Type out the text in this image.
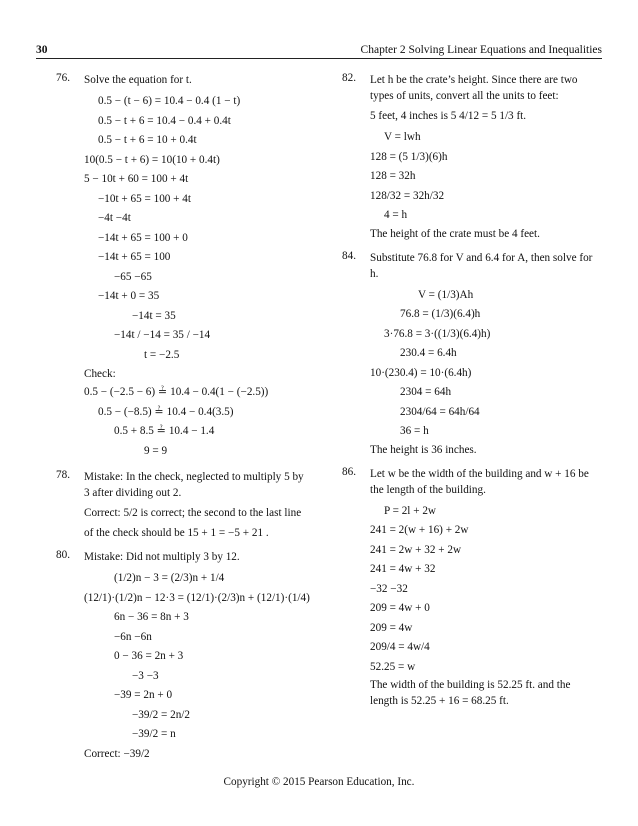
30	Chapter 2 Solving Linear Equations and Inequalities
76. Solve the equation for t.
0.5 − (t − 6) = 10.4 − 0.4 (1 − t)
0.5 − t + 6 = 10.4 − 0.4 + 0.4t
0.5 − t + 6 = 10 + 0.4t
10(0.5 − t + 6) = 10(10 + 0.4t)
5 − 10t + 60 = 100 + 4t
−10t + 65 = 100 + 4t
−4t −4t
−14t + 65 = 100 + 0
−14t + 65 = 100
−65 −65
−14t + 0 = 35
−14t = 35
−14t / −14 = 35 / −14
t = −2.5
Check:
0.5 − (−2.5 − 6) ≟ 10.4 − 0.4(1 − (−2.5))
0.5 − (−8.5) ≟ 10.4 − 0.4(3.5)
0.5 + 8.5 ≟ 10.4 − 1.4
9 = 9
78. Mistake: In the check, neglected to multiply 5 by 3 after dividing out 2.
Correct: 5/2 is correct; the second to the last line
of the check should be 15 + 1 = −5 + 21 .
80. Mistake: Did not multiply 3 by 12.
(1/2)n − 3 = (2/3)n + 1/4
(12/1)·(1/2)n − 12·3 = (12/1)·(2/3)n + (12/1)·(1/4)
6n − 36 = 8n + 3
−6n −6n
0 − 36 = 2n + 3
−3 −3
−39 = 2n + 0
−39/2 = 2n/2
−39/2 = n
Correct: −39/2
82. Let h be the crate’s height. Since there are two types of units, convert all the units to feet:
5 feet, 4 inches is 5 4/12 = 5 1/3 ft.
V = lwh
128 = (5 1/3)(6)h
128 = 32h
128/32 = 32h/32
4 = h
The height of the crate must be 4 feet.
84. Substitute 76.8 for V and 6.4 for A, then solve for h.
V = (1/3)Ah
76.8 = (1/3)(6.4)h
3·76.8 = 3·((1/3)(6.4)h)
230.4 = 6.4h
10·(230.4) = 10·(6.4h)
2304 = 64h
2304/64 = 64h/64
36 = h
The height is 36 inches.
86. Let w be the width of the building and w + 16 be the length of the building.
P = 2l + 2w
241 = 2(w + 16) + 2w
241 = 2w + 32 + 2w
241 = 4w + 32
−32 −32
209 = 4w + 0
209 = 4w
209/4 = 4w/4
52.25 = w
The width of the building is 52.25 ft. and the length is 52.25 + 16 = 68.25 ft.
Copyright © 2015 Pearson Education, Inc.
